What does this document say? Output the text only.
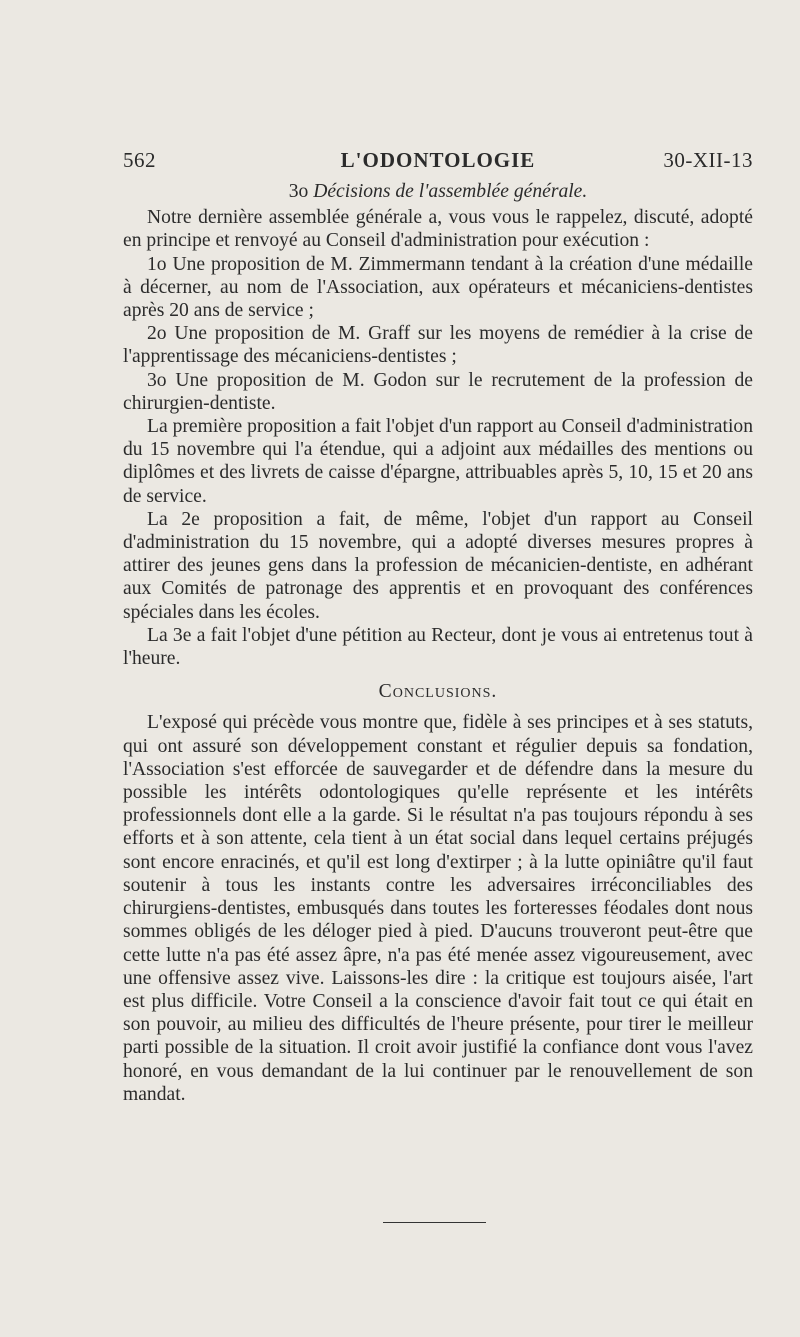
562	L'ODONTOLOGIE	30-XII-13
3o Décisions de l'assemblée générale.

Notre dernière assemblée générale a, vous vous le rappelez, discuté, adopté en principe et renvoyé au Conseil d'administration pour exécution :

1o Une proposition de M. Zimmermann tendant à la création d'une médaille à décerner, au nom de l'Association, aux opérateurs et mécaniciens-dentistes après 20 ans de service ;

2o Une proposition de M. Graff sur les moyens de remédier à la crise de l'apprentissage des mécaniciens-dentistes ;

3o Une proposition de M. Godon sur le recrutement de la profession de chirurgien-dentiste.

La première proposition a fait l'objet d'un rapport au Conseil d'administration du 15 novembre qui l'a étendue, qui a adjoint aux médailles des mentions ou diplômes et des livrets de caisse d'épargne, attribuables après 5, 10, 15 et 20 ans de service.

La 2e proposition a fait, de même, l'objet d'un rapport au Conseil d'administration du 15 novembre, qui a adopté diverses mesures propres à attirer des jeunes gens dans la profession de mécanicien-dentiste, en adhérant aux Comités de patronage des apprentis et en provoquant des conférences spéciales dans les écoles.

La 3e a fait l'objet d'une pétition au Recteur, dont je vous ai entretenus tout à l'heure.

Conclusions.

L'exposé qui précède vous montre que, fidèle à ses principes et à ses statuts, qui ont assuré son développement constant et régulier depuis sa fondation, l'Association s'est efforcée de sauvegarder et de défendre dans la mesure du possible les intérêts odontologiques qu'elle représente et les intérêts professionnels dont elle a la garde. Si le résultat n'a pas toujours répondu à ses efforts et à son attente, cela tient à un état social dans lequel certains préjugés sont encore enracinés, et qu'il est long d'extirper ; à la lutte opiniâtre qu'il faut soutenir à tous les instants contre les adversaires irréconciliables des chirurgiens-dentistes, embusqués dans toutes les forteresses féodales dont nous sommes obligés de les déloger pied à pied. D'aucuns trouveront peut-être que cette lutte n'a pas été assez âpre, n'a pas été menée assez vigoureusement, avec une offensive assez vive. Laissons-les dire : la critique est toujours aisée, l'art est plus difficile. Votre Conseil a la conscience d'avoir fait tout ce qui était en son pouvoir, au milieu des difficultés de l'heure présente, pour tirer le meilleur parti possible de la situation. Il croit avoir justifié la confiance dont vous l'avez honoré, en vous demandant de la lui continuer par le renouvellement de son mandat.
